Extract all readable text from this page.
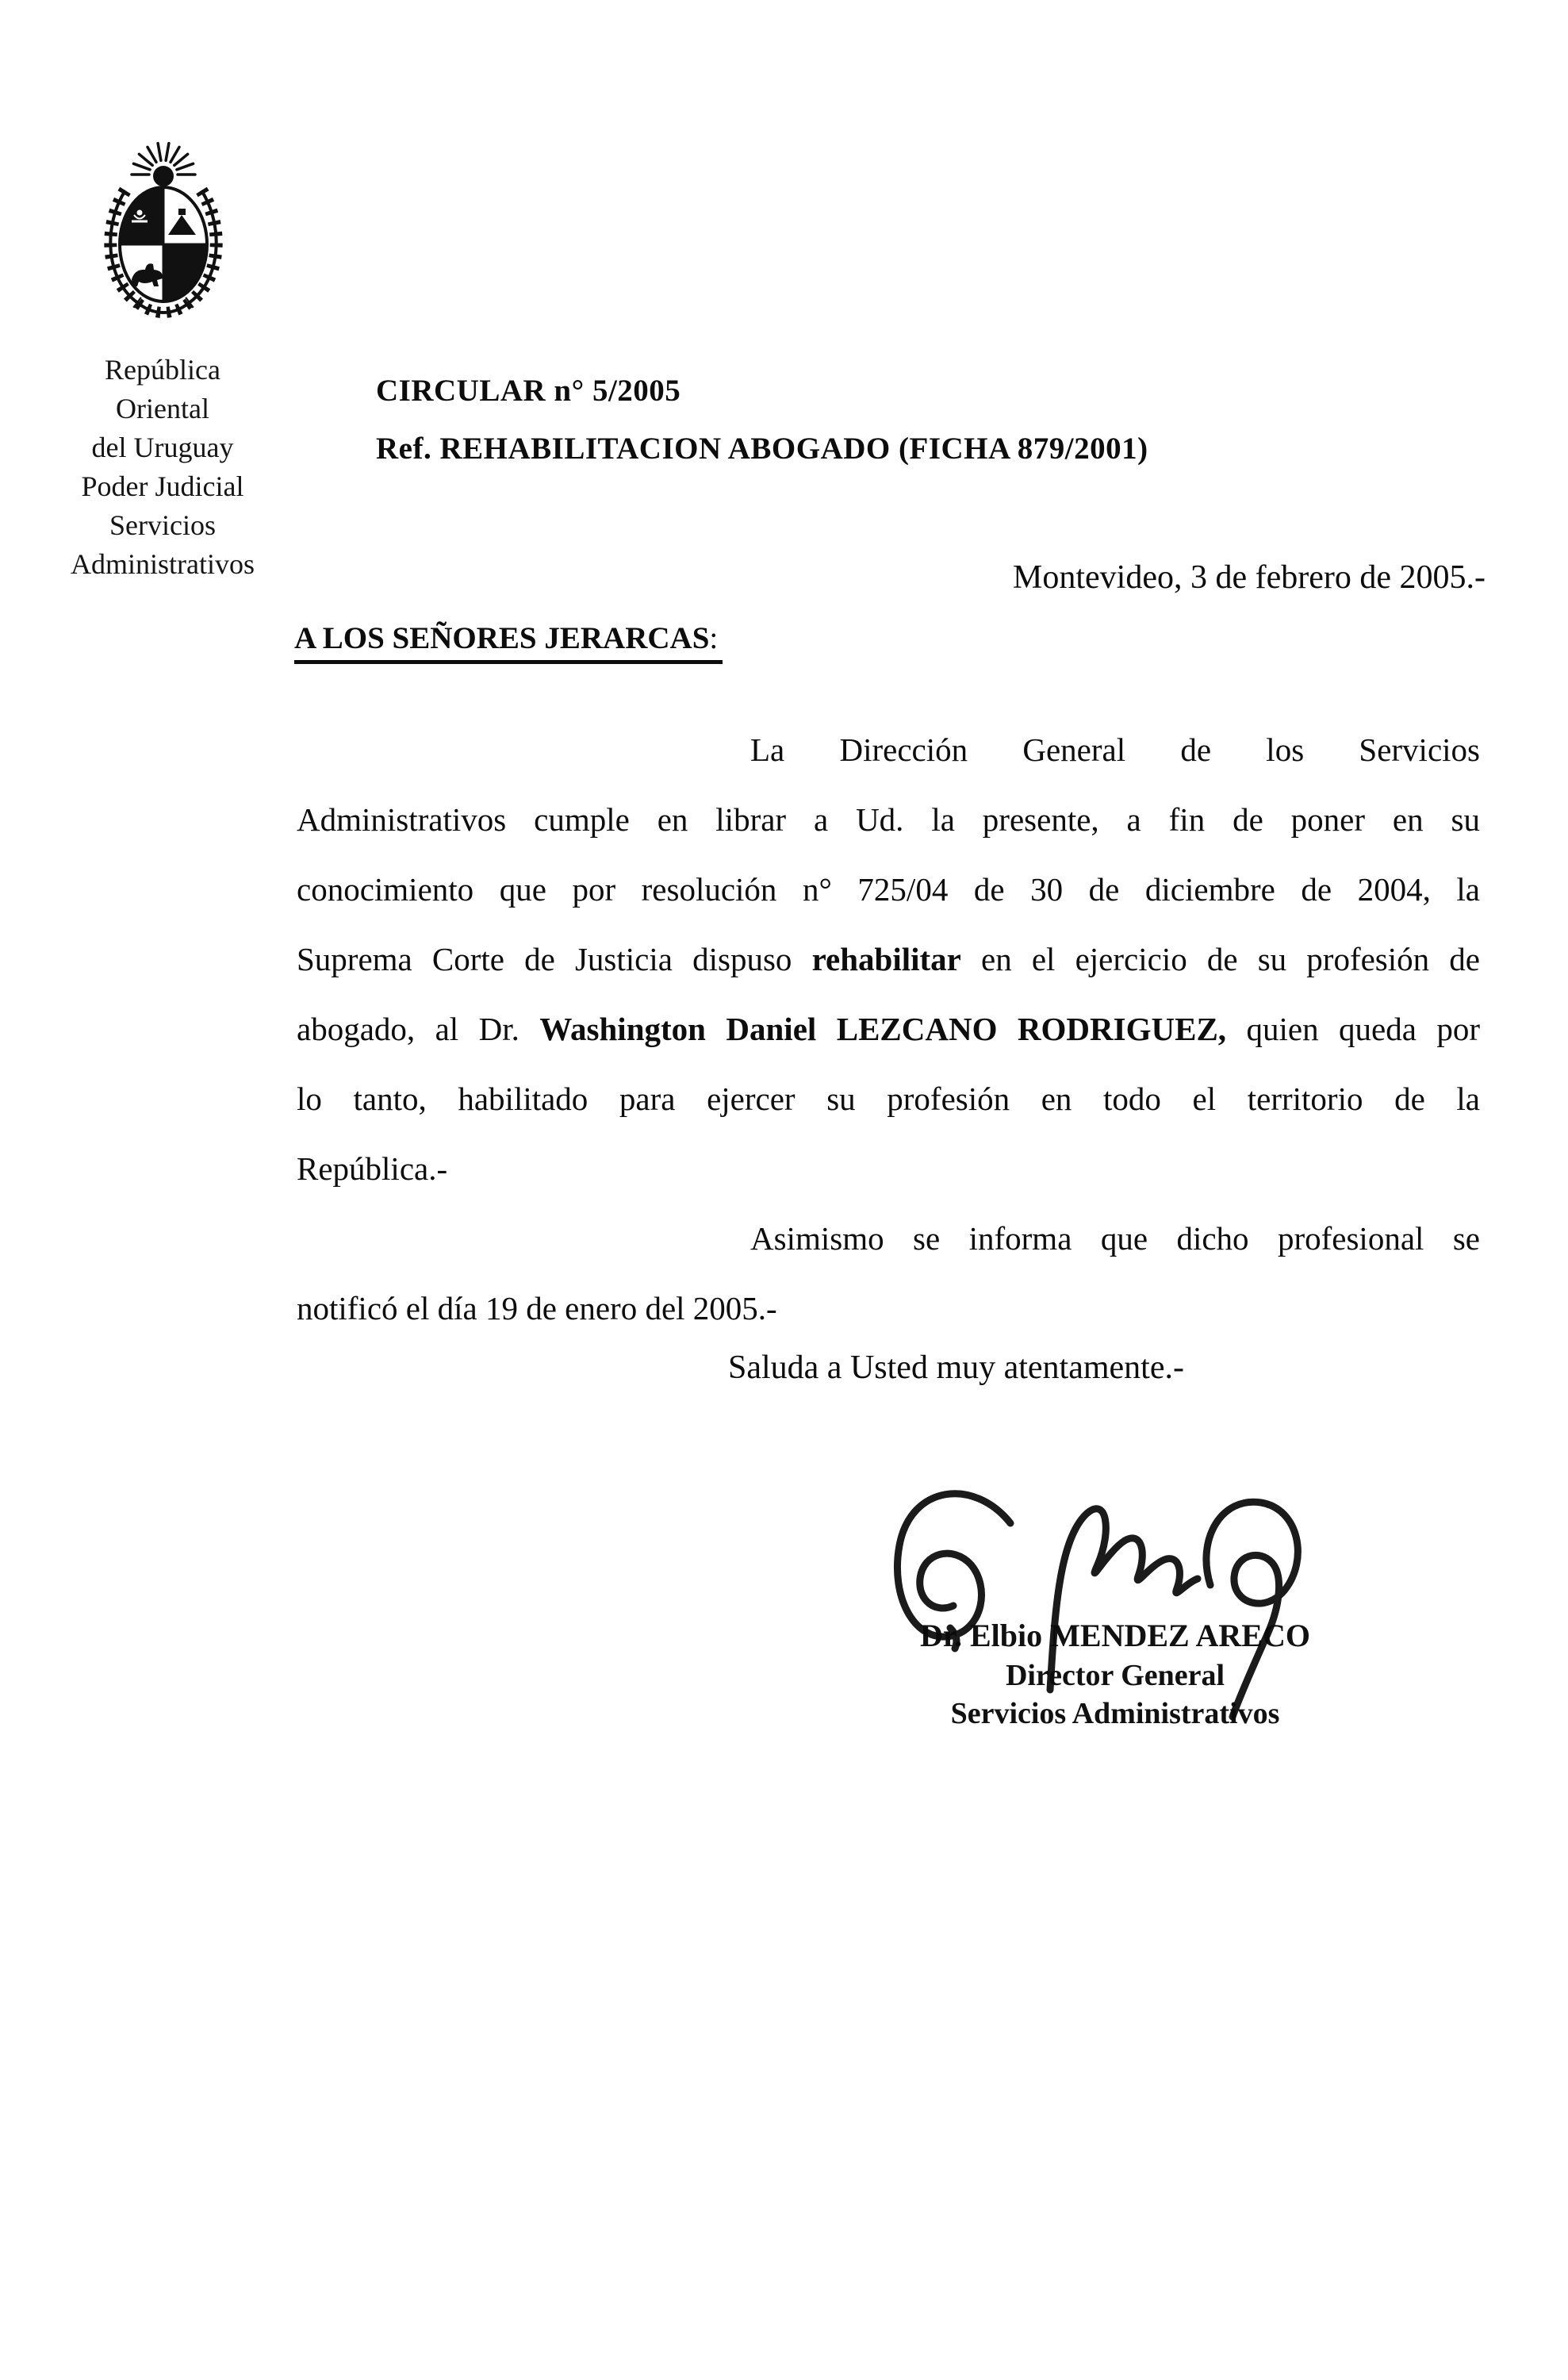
República
Oriental
del Uruguay
Poder Judicial
Servicios
Administrativos
CIRCULAR n° 5/2005
Ref. REHABILITACION ABOGADO (FICHA 879/2001)
Montevideo, 3 de febrero de 2005.-
A LOS SEÑORES JERARCAS:
La Dirección General de los Servicios
Administrativos cumple en librar a Ud. la presente, a fin de poner en su
conocimiento que por resolución n° 725/04 de 30 de diciembre de 2004, la
Suprema Corte de Justicia dispuso rehabilitar en el ejercicio de su profesión de
abogado, al Dr. Washington Daniel LEZCANO RODRIGUEZ, quien queda por
lo tanto, habilitado para ejercer su profesión en todo el territorio de la
República.-
Asimismo se informa que dicho profesional se
notificó el día 19 de enero del 2005.-
Saluda a Usted muy atentamente.-
Dr. Elbio MENDEZ ARECO
Director General
Servicios Administrativos
